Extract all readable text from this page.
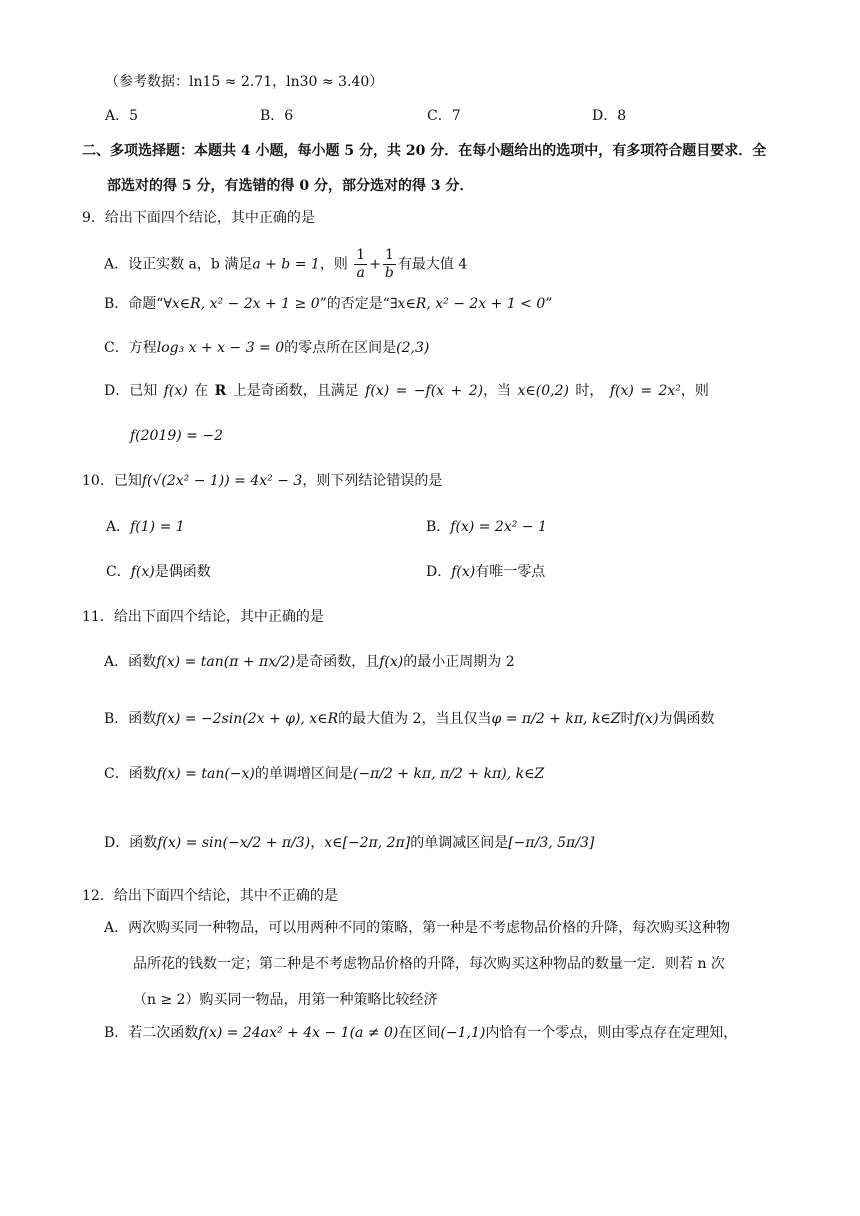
（参考数据：ln15 ≈ 2.71，ln30 ≈ 3.40）
A．5	B．6	C．7	D．8
二、多项选择题：本题共 4 小题，每小题 5 分，共 20 分．在每小题给出的选项中，有多项符合题目要求．全
部选对的得 5 分，有选错的得 0 分，部分选对的得 3 分．
9．给出下面四个结论，其中正确的是
A．设正实数 a，b 满足a + b = 1，则 $\frac{1}{a} + \frac{1}{b}$ 有最大值 4
B．命题“∀x∈R, x² − 2x + 1 ≥ 0”的否定是“∃x∈R, x² − 2x + 1 < 0”
C．方程log₃ x + x − 3 = 0的零点所在区间是(2,3)
D．已知 f(x) 在 R 上是奇函数，且满足 f(x) = −f(x + 2)，当 x∈(0,2) 时， f(x) = 2x²，则
f(2019) = −2
10．已知f(√(2x² − 1)) = 4x² − 3，则下列结论错误的是
A．f(1) = 1	B．f(x) = 2x² − 1
C．f(x)是偶函数	D．f(x)有唯一零点
11．给出下面四个结论，其中正确的是
A．函数f(x) = tan(π + πx/2)是奇函数，且f(x)的最小正周期为 2
B．函数f(x) = −2sin(2x + φ), x∈R的最大值为 2，当且仅当φ = π/2 + kπ, k∈Z时f(x)为偶函数
C．函数f(x) = tan(−x)的单调增区间是(−π/2 + kπ, π/2 + kπ), k∈Z
D．函数f(x) = sin(−x/2 + π/3)，x∈[−2π, 2π]的单调减区间是[−π/3, 5π/3]
12．给出下面四个结论，其中不正确的是
A．两次购买同一种物品，可以用两种不同的策略，第一种是不考虑物品价格的升降，每次购买这种物
品所花的钱数一定；第二种是不考虑物品价格的升降，每次购买这种物品的数量一定．则若 n 次
（n ≥ 2）购买同一物品，用第一种策略比较经济
B．若二次函数f(x) = 24ax² + 4x − 1(a ≠ 0)在区间(−1,1)内恰有一个零点，则由零点存在定理知，
